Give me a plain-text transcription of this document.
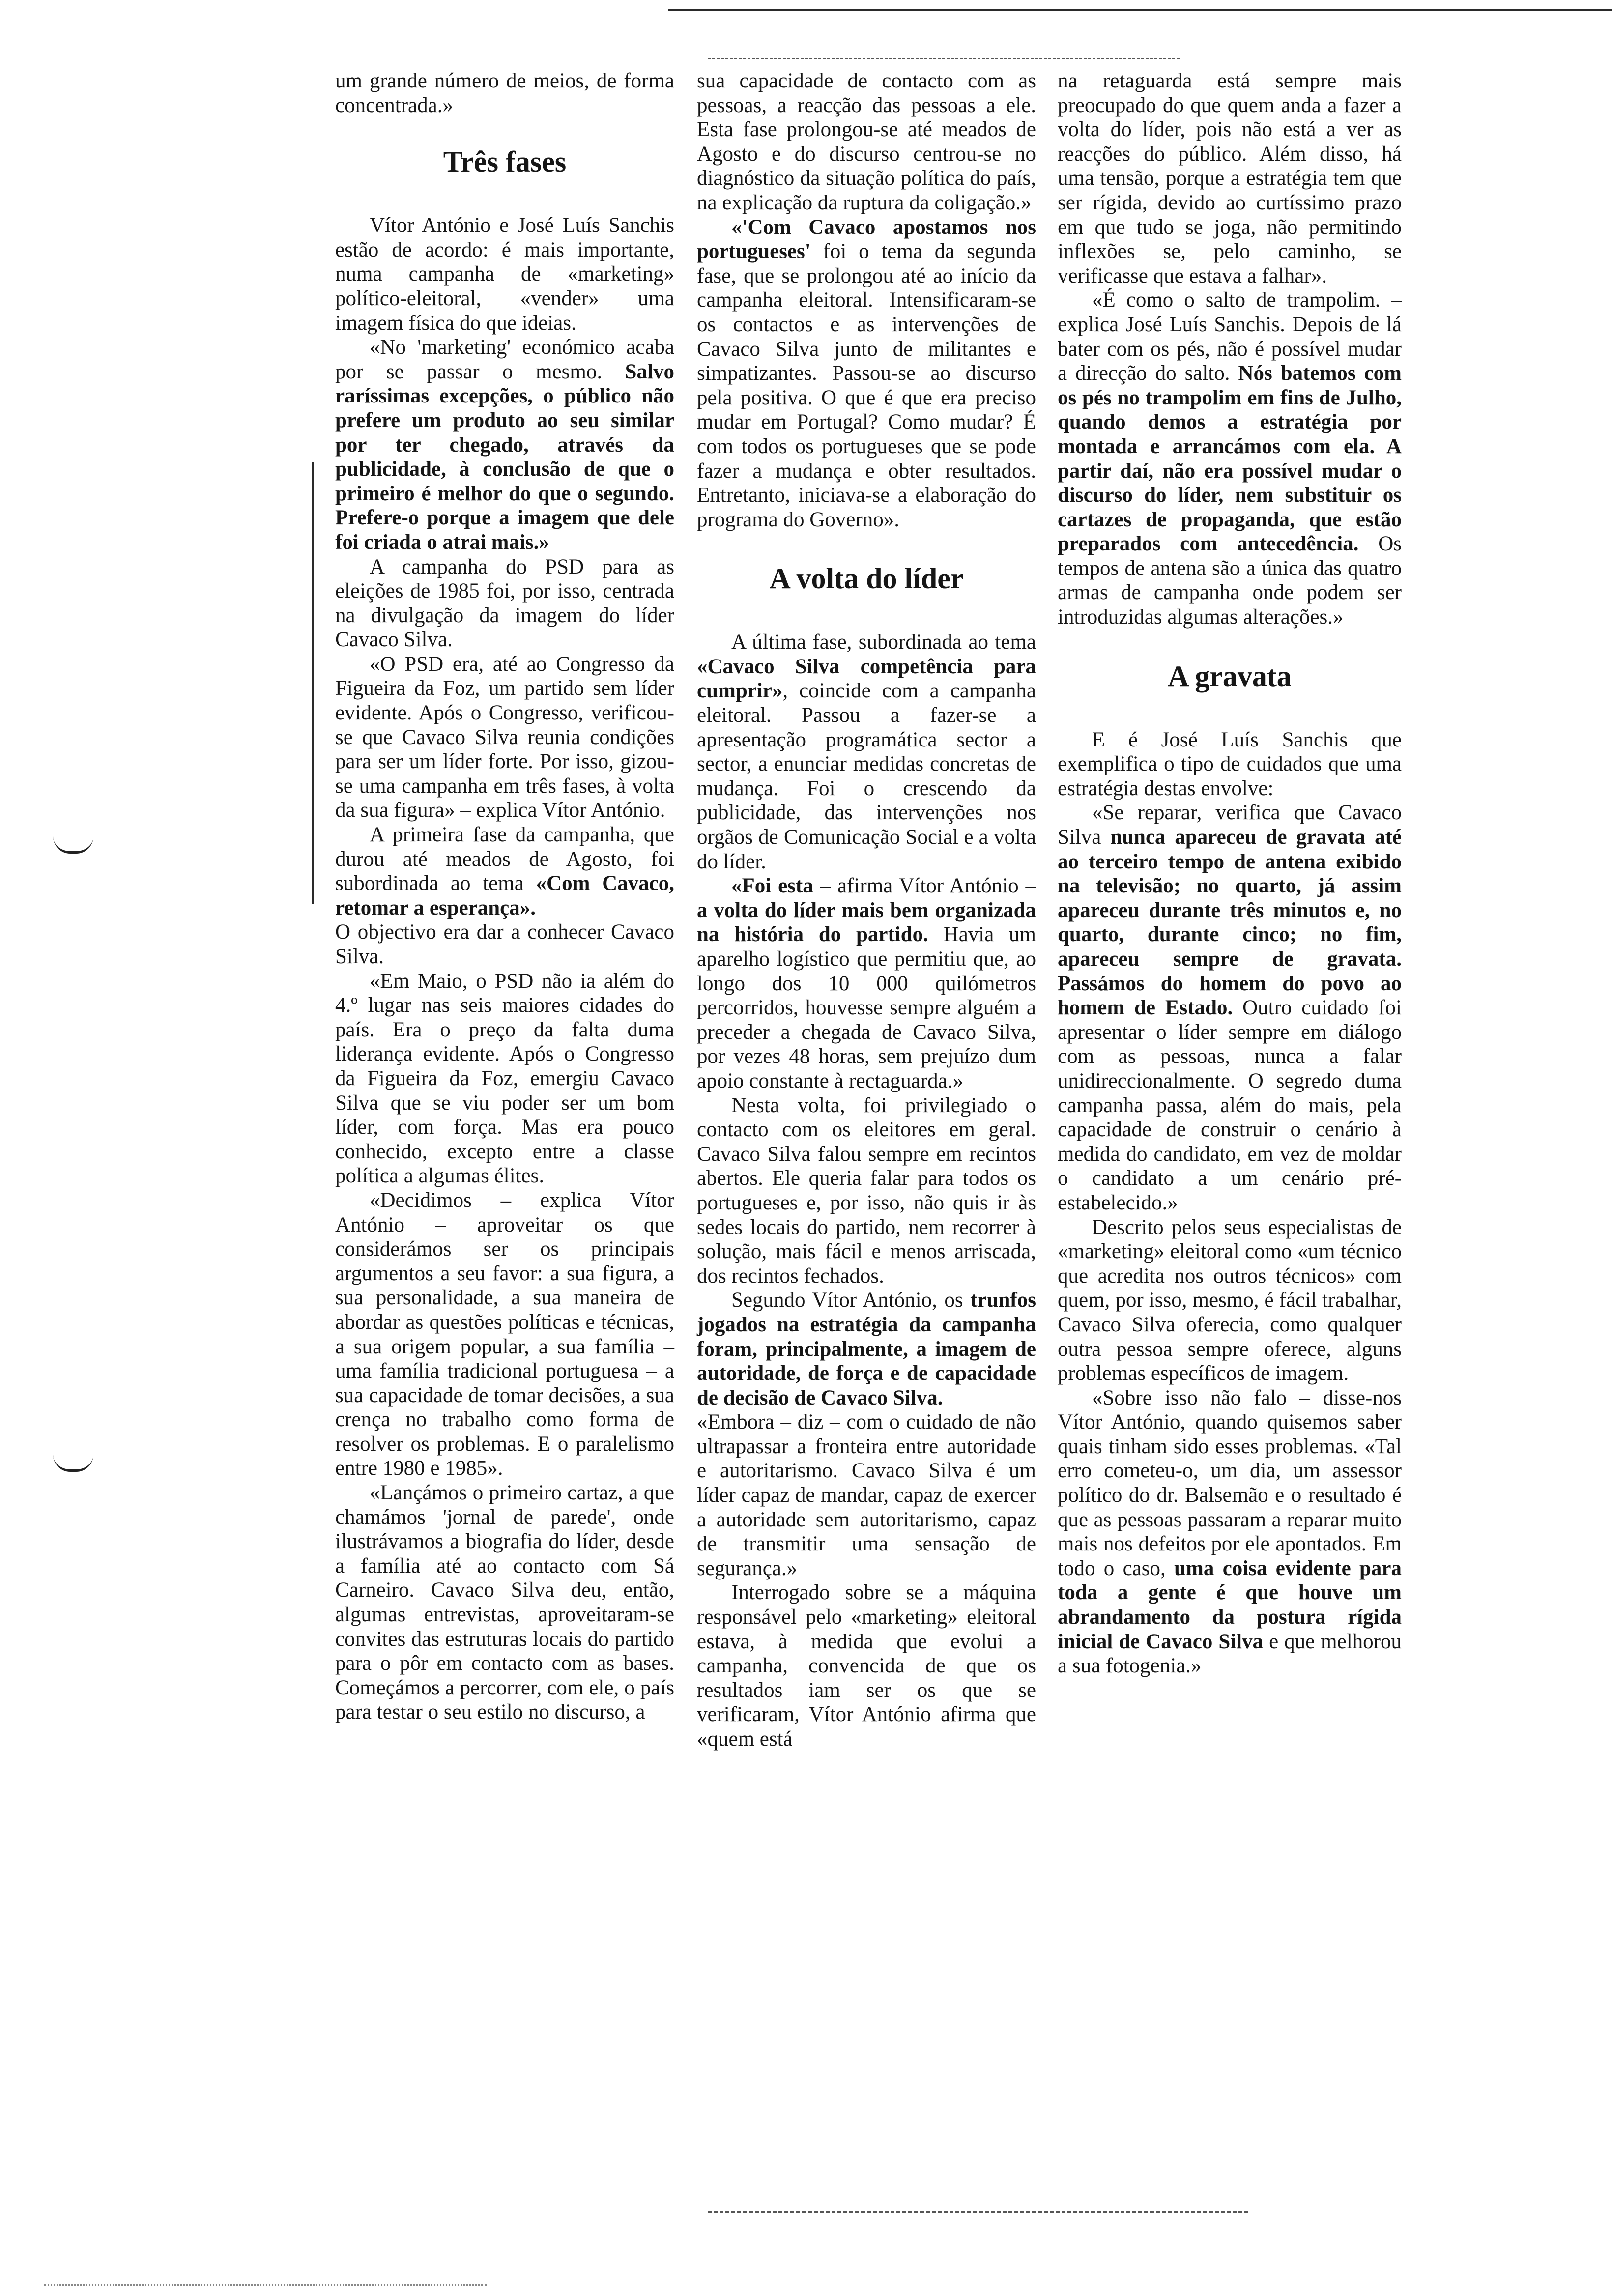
um grande número de meios, de forma concentrada.»

Três fases

Vítor António e José Luís Sanchis estão de acordo: é mais importante, numa campanha de «marketing» político-eleitoral, «vender» uma imagem física do que ideias.

«No 'marketing' económico acaba por se passar o mesmo. Salvo raríssimas excepções, o público não prefere um produto ao seu similar por ter chegado, através da publicidade, à conclusão de que o primeiro é melhor do que o segundo. Prefere-o porque a imagem que dele foi criada o atrai mais.»

A campanha do PSD para as eleições de 1985 foi, por isso, centrada na divulgação da imagem do líder Cavaco Silva.

«O PSD era, até ao Congresso da Figueira da Foz, um partido sem líder evidente. Após o Congresso, verificou-se que Cavaco Silva reunia condições para ser um líder forte. Por isso, gizou-se uma campanha em três fases, à volta da sua figura» – explica Vítor António.

A primeira fase da campanha, que durou até meados de Agosto, foi subordinada ao tema «Com Cavaco, retomar a esperança».

O objectivo era dar a conhecer Cavaco Silva.

«Em Maio, o PSD não ia além do 4.º lugar nas seis maiores cidades do país. Era o preço da falta duma liderança evidente. Após o Congresso da Figueira da Foz, emergiu Cavaco Silva que se viu poder ser um bom líder, com força. Mas era pouco conhecido, excepto entre a classe política a algumas élites.

«Decidimos – explica Vítor António – aproveitar os que considerámos ser os principais argumentos a seu favor: a sua figura, a sua personalidade, a sua maneira de abordar as questões políticas e técnicas, a sua origem popular, a sua família – uma família tradicional portuguesa – a sua capacidade de tomar decisões, a sua crença no trabalho como forma de resolver os problemas. E o paralelismo entre 1980 e 1985».

«Lançámos o primeiro cartaz, a que chamámos 'jornal de parede', onde ilustrávamos a biografia do líder, desde a família até ao contacto com Sá Carneiro. Cavaco Silva deu, então, algumas entrevistas, aproveitaram-se convites das estruturas locais do partido para o pôr em contacto com as bases. Começámos a percorrer, com ele, o país para testar o seu estilo no discurso, a

sua capacidade de contacto com as pessoas, a reacção das pessoas a ele. Esta fase prolongou-se até meados de Agosto e do discurso centrou-se no diagnóstico da situação política do país, na explicação da ruptura da coligação.»

«'Com Cavaco apostamos nos portugueses' foi o tema da segunda fase, que se prolongou até ao início da campanha eleitoral. Intensificaram-se os contactos e as intervenções de Cavaco Silva junto de militantes e simpatizantes. Passou-se ao discurso pela positiva. O que é que era preciso mudar em Portugal? Como mudar? É com todos os portugueses que se pode fazer a mudança e obter resultados. Entretanto, iniciava-se a elaboração do programa do Governo».

A volta do líder

A última fase, subordinada ao tema «Cavaco Silva competência para cumprir», coincide com a campanha eleitoral. Passou a fazer-se a apresentação programática sector a sector, a enunciar medidas concretas de mudança. Foi o crescendo da publicidade, das intervenções nos orgãos de Comunicação Social e a volta do líder.

«Foi esta – afirma Vítor António – a volta do líder mais bem organizada na história do partido. Havia um aparelho logístico que permitiu que, ao longo dos 10 000 quilómetros percorridos, houvesse sempre alguém a preceder a chegada de Cavaco Silva, por vezes 48 horas, sem prejuízo dum apoio constante à rectaguarda.»

Nesta volta, foi privilegiado o contacto com os eleitores em geral. Cavaco Silva falou sempre em recintos abertos. Ele queria falar para todos os portugueses e, por isso, não quis ir às sedes locais do partido, nem recorrer à solução, mais fácil e menos arriscada, dos recintos fechados.

Segundo Vítor António, os trunfos jogados na estratégia da campanha foram, principalmente, a imagem de autoridade, de força e de capacidade de decisão de Cavaco Silva.

«Embora – diz – com o cuidado de não ultrapassar a fronteira entre autoridade e autoritarismo. Cavaco Silva é um líder capaz de mandar, capaz de exercer a autoridade sem autoritarismo, capaz de transmitir uma sensação de segurança.»

Interrogado sobre se a máquina responsável pelo «marketing» eleitoral estava, à medida que evolui a campanha, convencida de que os resultados iam ser os que se verificaram, Vítor António afirma que «quem está

na retaguarda está sempre mais preocupado do que quem anda a fazer a volta do líder, pois não está a ver as reacções do público. Além disso, há uma tensão, porque a estratégia tem que ser rígida, devido ao curtíssimo prazo em que tudo se joga, não permitindo inflexões se, pelo caminho, se verificasse que estava a falhar».

«É como o salto de trampolim. – explica José Luís Sanchis. Depois de lá bater com os pés, não é possível mudar a direcção do salto. Nós batemos com os pés no trampolim em fins de Julho, quando demos a estratégia por montada e arrancámos com ela. A partir daí, não era possível mudar o discurso do líder, nem substituir os cartazes de propaganda, que estão preparados com antecedência. Os tempos de antena são a única das quatro armas de campanha onde podem ser introduzidas algumas alterações.»

A gravata

E é José Luís Sanchis que exemplifica o tipo de cuidados que uma estratégia destas envolve:

«Se reparar, verifica que Cavaco Silva nunca apareceu de gravata até ao terceiro tempo de antena exibido na televisão; no quarto, já assim apareceu durante três minutos e, no quarto, durante cinco; no fim, apareceu sempre de gravata. Passámos do homem do povo ao homem de Estado. Outro cuidado foi apresentar o líder sempre em diálogo com as pessoas, nunca a falar unidireccionalmente. O segredo duma campanha passa, além do mais, pela capacidade de construir o cenário à medida do candidato, em vez de moldar o candidato a um cenário pré-estabelecido.»

Descrito pelos seus especialistas de «marketing» eleitoral como «um técnico que acredita nos outros técnicos» com quem, por isso, mesmo, é fácil trabalhar, Cavaco Silva oferecia, como qualquer outra pessoa sempre oferece, alguns problemas específicos de imagem.

«Sobre isso não falo – disse-nos Vítor António, quando quisemos saber quais tinham sido esses problemas. «Tal erro cometeu-o, um dia, um assessor político do dr. Balsemão e o resultado é que as pessoas passaram a reparar muito mais nos defeitos por ele apontados. Em todo o caso, uma coisa evidente para toda a gente é que houve um abrandamento da postura rígida inicial de Cavaco Silva e que melhorou a sua fotogenia.»
